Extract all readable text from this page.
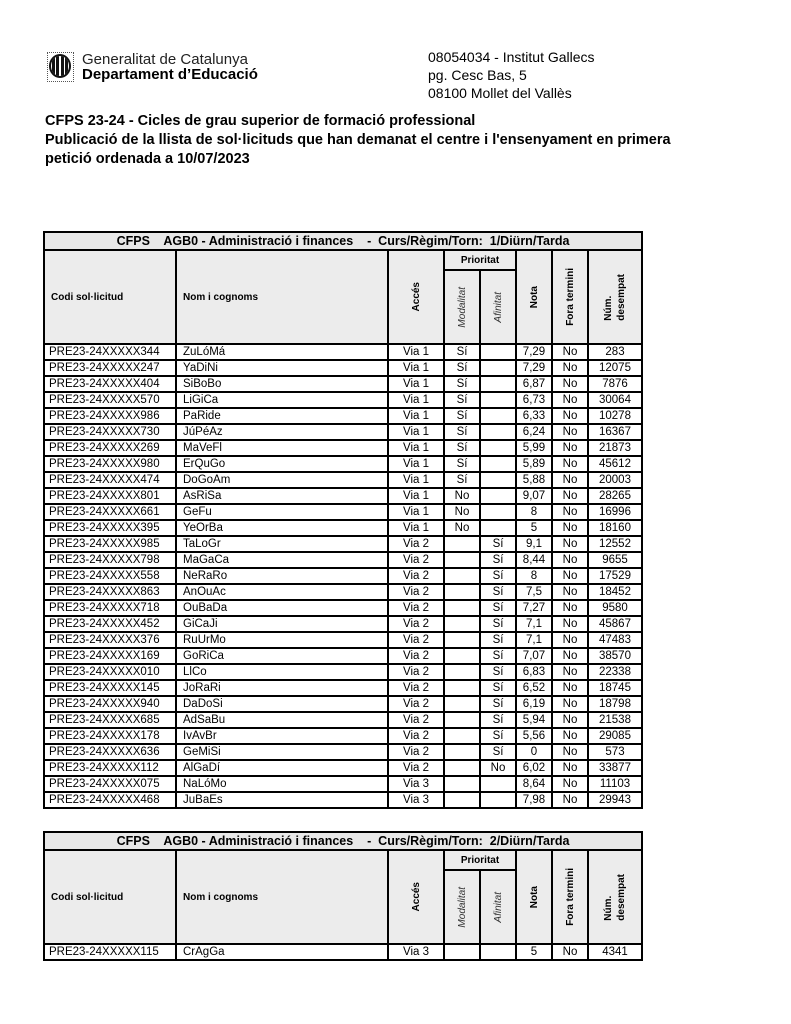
Generalitat de Catalunya
Departament d’Educació
08054034 - Institut Gallecs
pg. Cesc Bas, 5
08100 Mollet del Vallès
CFPS 23-24 - Cicles de grau superior de formació professional
Publicació de la llista de sol·licituds que han demanat el centre i l'ensenyament en primera
petició ordenada a 10/07/2023
CFPS    AGB0 - Administració i finances    -  Curs/Règim/Torn:  1/Diürn/Tarda							
Codi sol·licitud	Nom i cognoms	Accés	Prioritat		Nota	Fora termini	Núm. desempat

			Modalitat	Afinitat			

PRE23-24XXXXX344	ZuLóMá	Via 1	Sí		7,29	No	283
PRE23-24XXXXX247	YaDiNi	Via 1	Sí		7,29	No	12075
PRE23-24XXXXX404	SiBoBo	Via 1	Sí		6,87	No	7876
PRE23-24XXXXX570	LiGiCa	Via 1	Sí		6,73	No	30064
PRE23-24XXXXX986	PaRide	Via 1	Sí		6,33	No	10278
PRE23-24XXXXX730	JúPéAz	Via 1	Sí		6,24	No	16367
PRE23-24XXXXX269	MaVeFl	Via 1	Sí		5,99	No	21873
PRE23-24XXXXX980	ErQuGo	Via 1	Sí		5,89	No	45612
PRE23-24XXXXX474	DoGoAm	Via 1	Sí		5,88	No	20003
PRE23-24XXXXX801	AsRiSa	Via 1	No		9,07	No	28265
PRE23-24XXXXX661	GeFu	Via 1	No		8	No	16996
PRE23-24XXXXX395	YeOrBa	Via 1	No		5	No	18160
PRE23-24XXXXX985	TaLoGr	Via 2		Sí	9,1	No	12552
PRE23-24XXXXX798	MaGaCa	Via 2		Sí	8,44	No	9655
PRE23-24XXXXX558	NeRaRo	Via 2		Sí	8	No	17529
PRE23-24XXXXX863	AnOuAc	Via 2		Sí	7,5	No	18452
PRE23-24XXXXX718	OuBaDa	Via 2		Sí	7,27	No	9580
PRE23-24XXXXX452	GiCaJi	Via 2		Sí	7,1	No	45867
PRE23-24XXXXX376	RuUrMo	Via 2		Sí	7,1	No	47483
PRE23-24XXXXX169	GoRiCa	Via 2		Sí	7,07	No	38570
PRE23-24XXXXX010	LlCo	Via 2		Sí	6,83	No	22338
PRE23-24XXXXX145	JoRaRi	Via 2		Sí	6,52	No	18745
PRE23-24XXXXX940	DaDoSi	Via 2		Sí	6,19	No	18798
PRE23-24XXXXX685	AdSaBu	Via 2		Sí	5,94	No	21538
PRE23-24XXXXX178	IvAvBr	Via 2		Sí	5,56	No	29085
PRE23-24XXXXX636	GeMiSi	Via 2		Sí	0	No	573
PRE23-24XXXXX112	AlGaDí	Via 2		No	6,02	No	33877
PRE23-24XXXXX075	NaLóMo	Via 3			8,64	No	11103
PRE23-24XXXXX468	JuBaEs	Via 3			7,98	No	29943
CFPS    AGB0 - Administració i finances    -  Curs/Règim/Torn:  2/Diürn/Tarda							
Codi sol·licitud	Nom i cognoms	Accés	Prioritat		Nota	Fora termini	Núm. desempat

			Modalitat	Afinitat			

PRE23-24XXXXX115	CrAgGa	Via 3			5	No	4341
